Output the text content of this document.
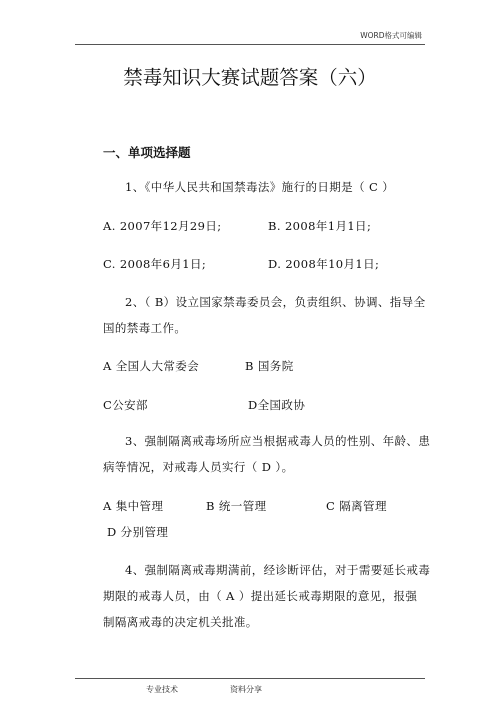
WORD格式可编辑
禁毒知识大赛试题答案（六）
一、单项选择题
1、《中华人民共和国禁毒法》施行的日期是（ C ）
A. 2007年12月29日;	B. 2008年1月1日;
C. 2008年6月1日;	D. 2008年10月1日;
2、（ B）设立国家禁毒委员会，负责组织、协调、指导全
国的禁毒工作。
A 全国人大常委会	B 国务院
C公安部	D全国政协
3、强制隔离戒毒场所应当根据戒毒人员的性别、年龄、患
病等情况，对戒毒人员实行（ D ）。
A 集中管理	B 统一管理	C 隔离管理
D 分别管理
4、强制隔离戒毒期满前，经诊断评估，对于需要延长戒毒
期限的戒毒人员，由（ A ）提出延长戒毒期限的意见，报强
制隔离戒毒的决定机关批准。
专业技术	资料分享
